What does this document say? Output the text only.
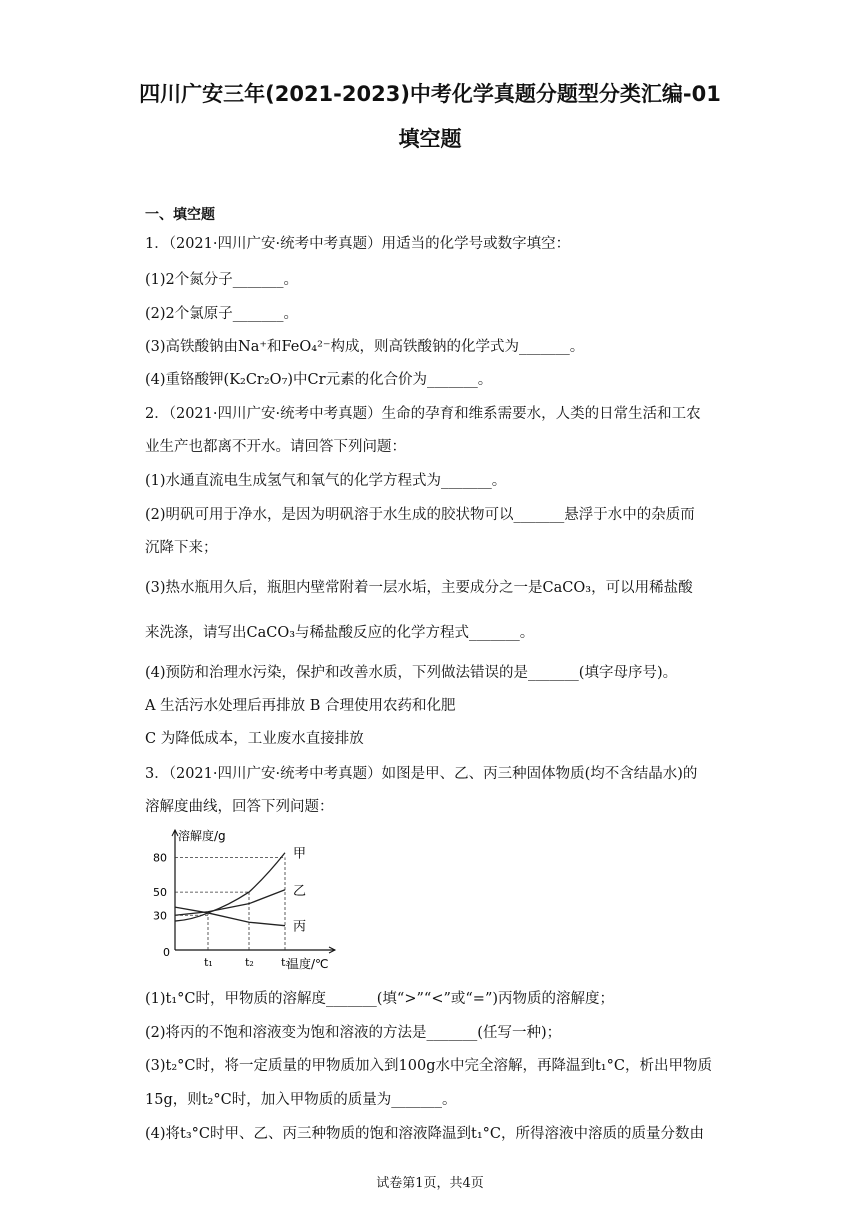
四川广安三年(2021-2023)中考化学真题分题型分类汇编-01
填空题
一、填空题
1．（2021·四川广安·统考中考真题）用适当的化学号或数字填空：
(1)2个氮分子_______。
(2)2个氯原子_______。
(3)高铁酸钠由Na⁺和FeO₄²⁻构成，则高铁酸钠的化学式为_______。
(4)重铬酸钾(K₂Cr₂O₇)中Cr元素的化合价为_______。
2．（2021·四川广安·统考中考真题）生命的孕育和维系需要水，人类的日常生活和工农
业生产也都离不开水。请回答下列问题：
(1)水通直流电生成氢气和氧气的化学方程式为_______。
(2)明矾可用于净水，是因为明矾溶于水生成的胶状物可以_______悬浮于水中的杂质而
沉降下来；
(3)热水瓶用久后，瓶胆内壁常附着一层水垢，主要成分之一是CaCO₃，可以用稀盐酸
来洗涤，请写出CaCO₃与稀盐酸反应的化学方程式_______。
(4)预防和治理水污染，保护和改善水质，下列做法错误的是_______(填字母序号)。
A 生活污水处理后再排放 B 合理使用农药和化肥
C 为降低成本，工业废水直接排放
3．（2021·四川广安·统考中考真题）如图是甲、乙、丙三种固体物质(均不含结晶水)的
溶解度曲线，回答下列问题：
溶解度/g
温度/℃
0
80
50
30
t₁	t₂ t₃
甲
乙
丙
(1)t₁°C时，甲物质的溶解度_______(填“>”“<”或“=”)丙物质的溶解度；
(2)将丙的不饱和溶液变为饱和溶液的方法是_______(任写一种)；
(3)t₂°C时，将一定质量的甲物质加入到100g水中完全溶解，再降温到t₁°C，析出甲物质
15g，则t₂°C时，加入甲物质的质量为_______。
(4)将t₃°C时甲、乙、丙三种物质的饱和溶液降温到t₁°C，所得溶液中溶质的质量分数由
试卷第1页，共4页
